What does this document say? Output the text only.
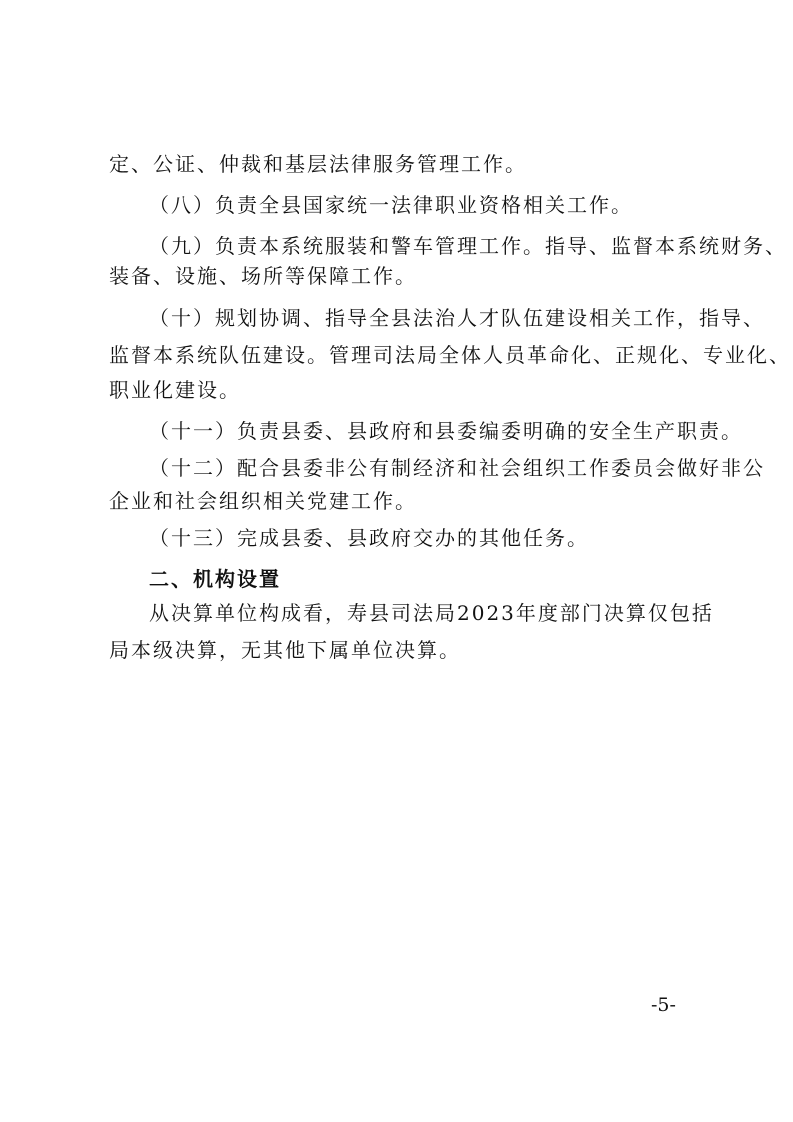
定、公证、仲裁和基层法律服务管理工作。
（八）负责全县国家统一法律职业资格相关工作。
（九）负责本系统服装和警车管理工作。指导、监督本系统财务、
装备、设施、场所等保障工作。
（十）规划协调、指导全县法治人才队伍建设相关工作，指导、
监督本系统队伍建设。管理司法局全体人员革命化、正规化、专业化、
职业化建设。
（十一）负责县委、县政府和县委编委明确的安全生产职责。
（十二）配合县委非公有制经济和社会组织工作委员会做好非公
企业和社会组织相关党建工作。
（十三）完成县委、县政府交办的其他任务。
二、机构设置
从决算单位构成看，寿县司法局2023年度部门决算仅包括
局本级决算，无其他下属单位决算。
-5-
